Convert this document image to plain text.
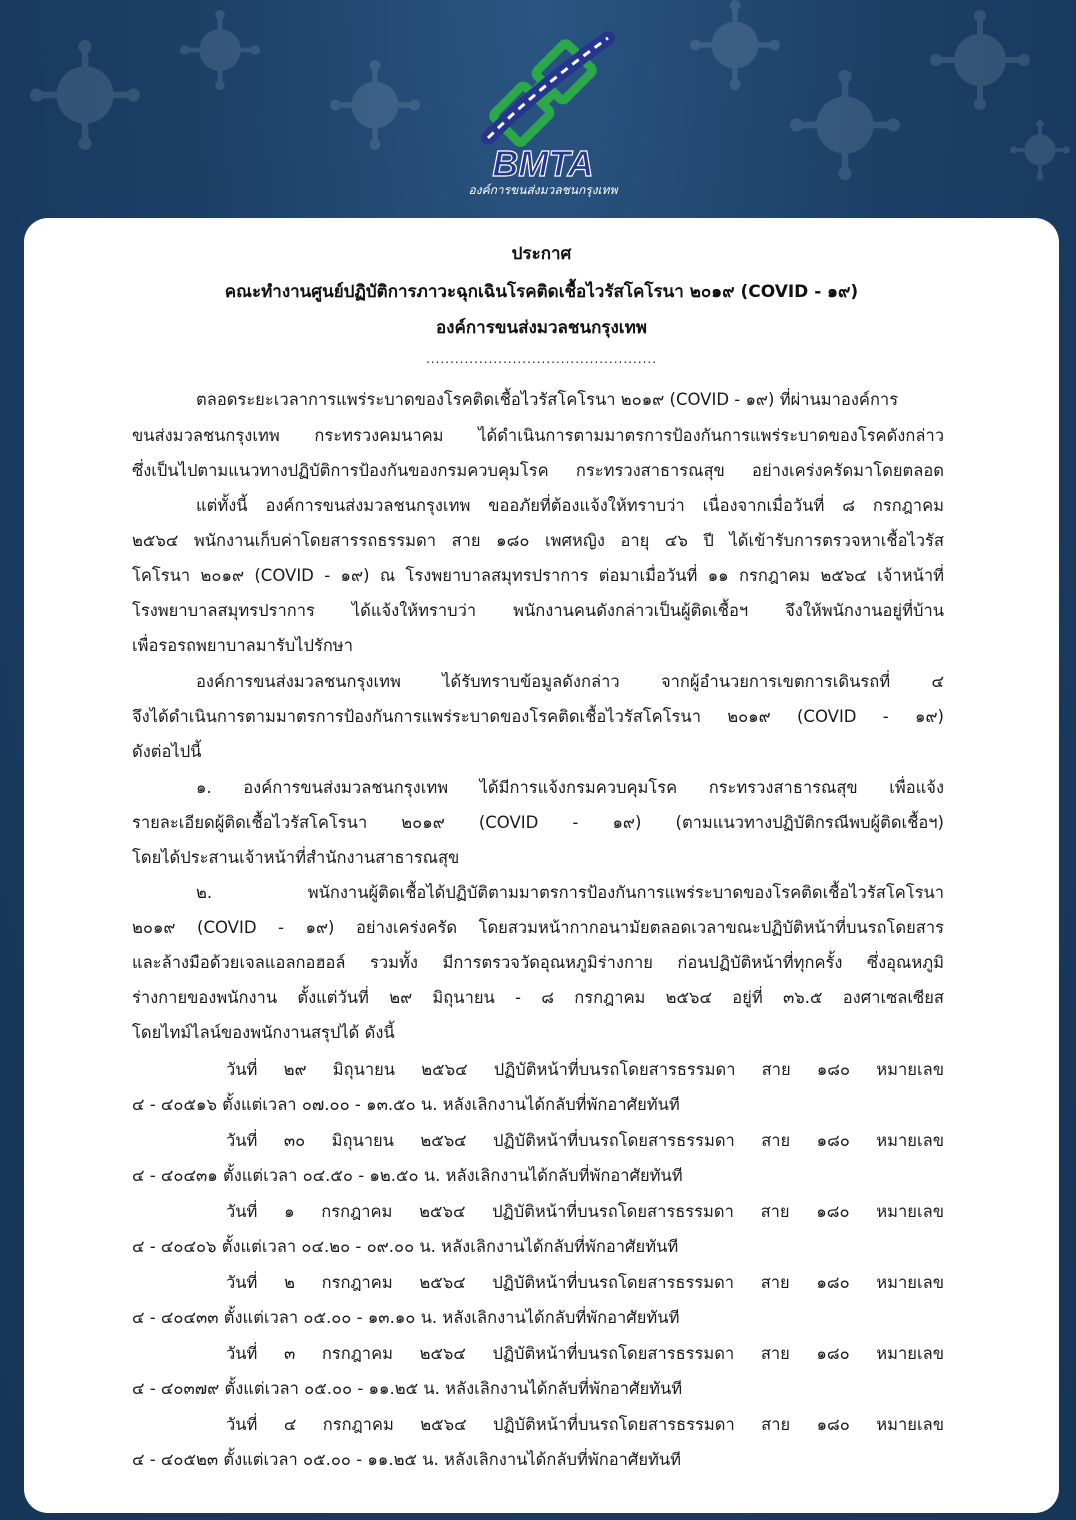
BMTA
องค์การขนส่งมวลชนกรุงเทพ
ประกาศ
คณะทำงานศูนย์ปฏิบัติการภาวะฉุกเฉินโรคติดเชื้อไวรัสโคโรนา ๒๐๑๙ (COVID - ๑๙)
องค์การขนส่งมวลชนกรุงเทพ
................................................
ตลอดระยะเวลาการแพร่ระบาดของโรคติดเชื้อไวรัสโคโรนา ๒๐๑๙ (COVID - ๑๙) ที่ผ่านมาองค์การ
ขนส่งมวลชนกรุงเทพ กระทรวงคมนาคม ได้ดำเนินการตามมาตรการป้องกันการแพร่ระบาดของโรคดังกล่าว
ซึ่งเป็นไปตามแนวทางปฏิบัติการป้องกันของกรมควบคุมโรค กระทรวงสาธารณสุข อย่างเคร่งครัดมาโดยตลอด
แต่ทั้งนี้ องค์การขนส่งมวลชนกรุงเทพ ขออภัยที่ต้องแจ้งให้ทราบว่า เนื่องจากเมื่อวันที่ ๘ กรกฎาคม
๒๕๖๔ พนักงานเก็บค่าโดยสารรถธรรมดา สาย ๑๘๐ เพศหญิง อายุ ๔๖ ปี ได้เข้ารับการตรวจหาเชื้อไวรัส
โคโรนา ๒๐๑๙ (COVID - ๑๙) ณ โรงพยาบาลสมุทรปราการ ต่อมาเมื่อวันที่ ๑๑ กรกฎาคม ๒๕๖๔ เจ้าหน้าที่
โรงพยาบาลสมุทรปราการ ได้แจ้งให้ทราบว่า พนักงานคนดังกล่าวเป็นผู้ติดเชื้อฯ จึงให้พนักงานอยู่ที่บ้าน
เพื่อรอรถพยาบาลมารับไปรักษา
องค์การขนส่งมวลชนกรุงเทพ ได้รับทราบข้อมูลดังกล่าว จากผู้อำนวยการเขตการเดินรถที่ ๔
จึงได้ดำเนินการตามมาตรการป้องกันการแพร่ระบาดของโรคติดเชื้อไวรัสโคโรนา ๒๐๑๙ (COVID - ๑๙)
ดังต่อไปนี้
๑. องค์การขนส่งมวลชนกรุงเทพ ได้มีการแจ้งกรมควบคุมโรค กระทรวงสาธารณสุข เพื่อแจ้ง
รายละเอียดผู้ติดเชื้อไวรัสโคโรนา ๒๐๑๙ (COVID - ๑๙) (ตามแนวทางปฏิบัติกรณีพบผู้ติดเชื้อฯ)
โดยได้ประสานเจ้าหน้าที่สำนักงานสาธารณสุข
๒. พนักงานผู้ติดเชื้อได้ปฏิบัติตามมาตรการป้องกันการแพร่ระบาดของโรคติดเชื้อไวรัสโคโรนา
๒๐๑๙ (COVID - ๑๙) อย่างเคร่งครัด โดยสวมหน้ากากอนามัยตลอดเวลาขณะปฏิบัติหน้าที่บนรถโดยสาร
และล้างมือด้วยเจลแอลกอฮอล์ รวมทั้ง มีการตรวจวัดอุณหภูมิร่างกาย ก่อนปฏิบัติหน้าที่ทุกครั้ง ซึ่งอุณหภูมิ
ร่างกายของพนักงาน ตั้งแต่วันที่ ๒๙ มิถุนายน - ๘ กรกฎาคม ๒๕๖๔ อยู่ที่ ๓๖.๕ องศาเซลเซียส
โดยไทม์ไลน์ของพนักงานสรุปได้ ดังนี้
วันที่ ๒๙ มิถุนายน ๒๕๖๔ ปฏิบัติหน้าที่บนรถโดยสารธรรมดา สาย ๑๘๐ หมายเลข
๔ - ๔๐๕๑๖ ตั้งแต่เวลา ๐๗.๐๐ - ๑๓.๕๐ น. หลังเลิกงานได้กลับที่พักอาศัยทันที
วันที่ ๓๐ มิถุนายน ๒๕๖๔ ปฏิบัติหน้าที่บนรถโดยสารธรรมดา สาย ๑๘๐ หมายเลข
๔ - ๔๐๔๓๑ ตั้งแต่เวลา ๐๔.๕๐ - ๑๒.๕๐ น. หลังเลิกงานได้กลับที่พักอาศัยทันที
วันที่ ๑ กรกฎาคม ๒๕๖๔ ปฏิบัติหน้าที่บนรถโดยสารธรรมดา สาย ๑๘๐ หมายเลข
๔ - ๔๐๔๐๖ ตั้งแต่เวลา ๐๔.๒๐ - ๐๙.๐๐ น. หลังเลิกงานได้กลับที่พักอาศัยทันที
วันที่ ๒ กรกฎาคม ๒๕๖๔ ปฏิบัติหน้าที่บนรถโดยสารธรรมดา สาย ๑๘๐ หมายเลข
๔ - ๔๐๔๓๓ ตั้งแต่เวลา ๐๕.๐๐ - ๑๓.๑๐ น. หลังเลิกงานได้กลับที่พักอาศัยทันที
วันที่ ๓ กรกฎาคม ๒๕๖๔ ปฏิบัติหน้าที่บนรถโดยสารธรรมดา สาย ๑๘๐ หมายเลข
๔ - ๔๐๓๗๙ ตั้งแต่เวลา ๐๕.๐๐ - ๑๑.๒๕ น. หลังเลิกงานได้กลับที่พักอาศัยทันที
วันที่ ๔ กรกฎาคม ๒๕๖๔ ปฏิบัติหน้าที่บนรถโดยสารธรรมดา สาย ๑๘๐ หมายเลข
๔ - ๔๐๕๒๓ ตั้งแต่เวลา ๐๕.๐๐ - ๑๑.๒๕ น. หลังเลิกงานได้กลับที่พักอาศัยทันที
